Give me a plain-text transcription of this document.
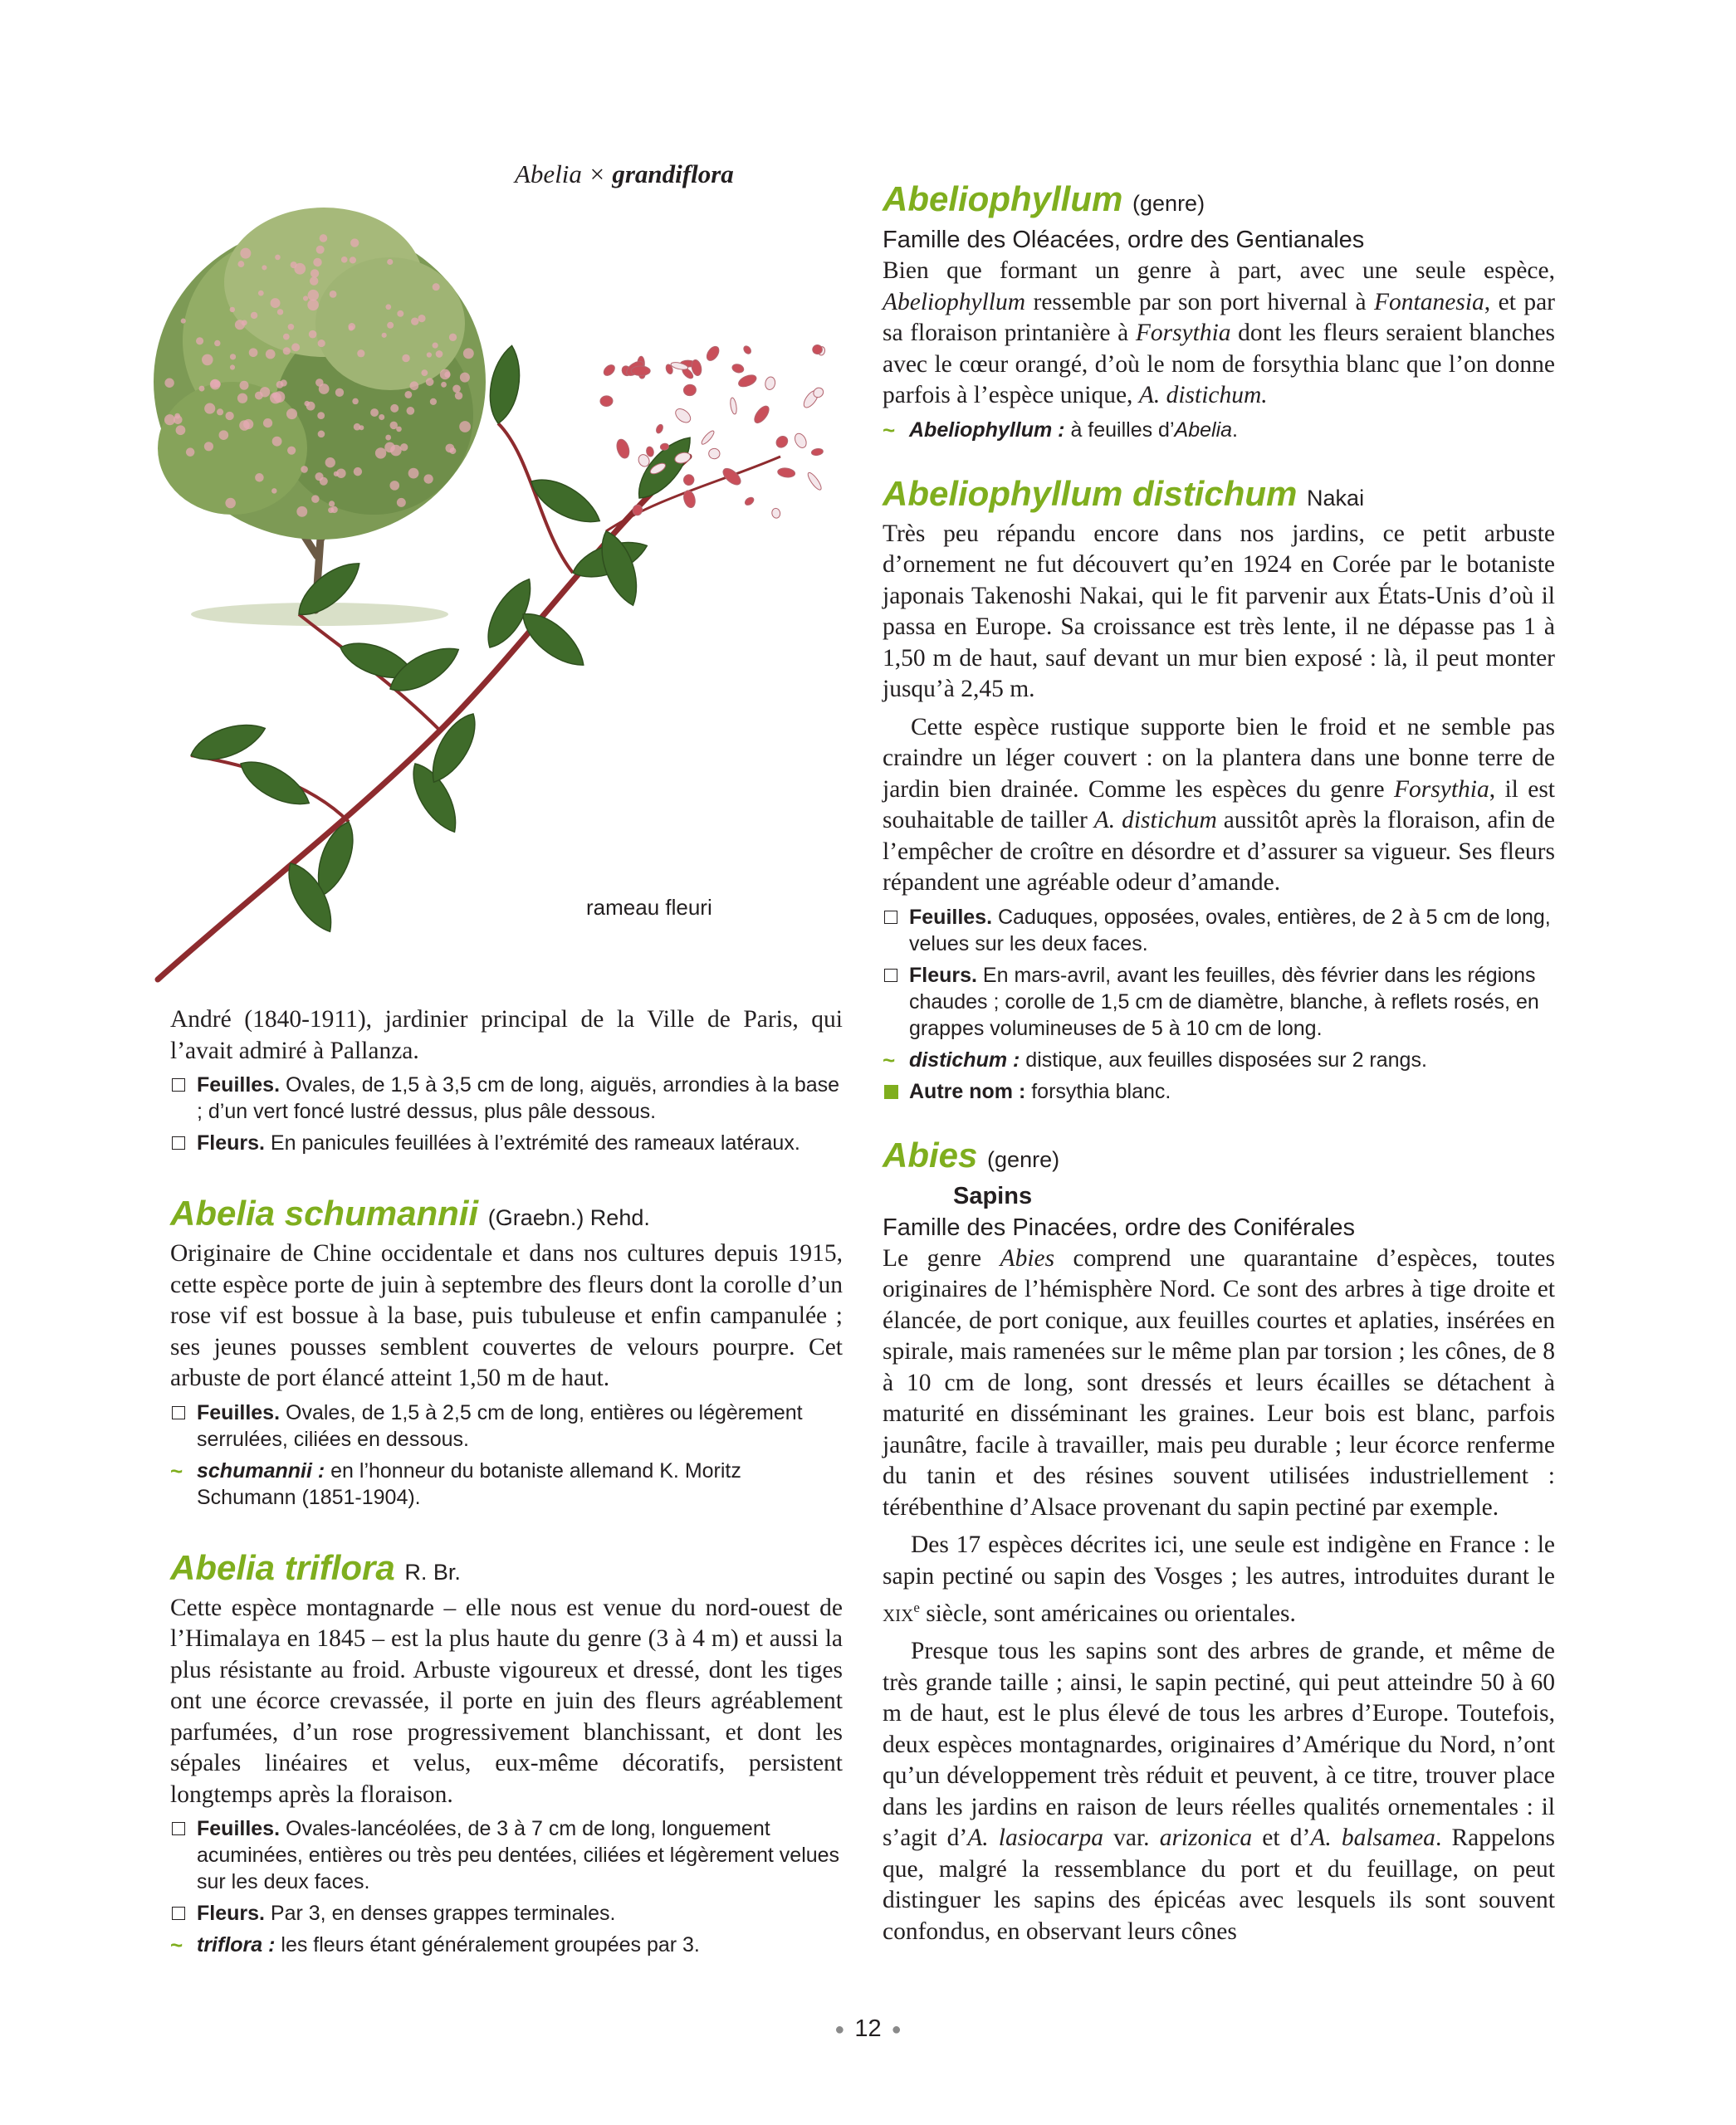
Abelia × grandiflora
rameau fleuri

André (1840-1911), jardinier principal de la Ville de Paris, qui l’avait admiré à Pallanza.

Feuilles. Ovales, de 1,5 à 3,5 cm de long, aiguës, arrondies à la base ; d’un vert foncé lustré dessus, plus pâle dessous.
Fleurs. En panicules feuillées à l’extrémité des rameaux latéraux.
Abelia schumannii (Graebn.) Rehd.

Originaire de Chine occidentale et dans nos cultures depuis 1915, cette espèce porte de juin à septembre des fleurs dont la corolle d’un rose vif est bossue à la base, puis tubuleuse et enfin campanulée ; ses jeunes pousses semblent couvertes de velours pourpre. Cet arbuste de port élancé atteint 1,50 m de haut.

Feuilles. Ovales, de 1,5 à 2,5 cm de long, entières ou légèrement serrulées, ciliées en dessous.
~ schumannii : en l’honneur du botaniste allemand K. Moritz Schumann (1851-1904).
Abelia triflora R. Br.

Cette espèce montagnarde – elle nous est venue du nord-ouest de l’Himalaya en 1845 – est la plus haute du genre (3 à 4 m) et aussi la plus résistante au froid. Arbuste vigoureux et dressé, dont les tiges ont une écorce crevassée, il porte en juin des fleurs agréablement parfumées, d’un rose progressivement blanchissant, et dont les sépales linéaires et velus, eux-même décoratifs, persistent longtemps après la floraison.

Feuilles. Ovales-lancéolées, de 3 à 7 cm de long, longuement acuminées, entières ou très peu dentées, ciliées et légèrement velues sur les deux faces.
Fleurs. Par 3, en denses grappes terminales.
~ triflora : les fleurs étant généralement groupées par 3.
Abeliophyllum (genre)

Famille des Oléacées, ordre des Gentianales

Bien que formant un genre à part, avec une seule espèce, Abeliophyllum ressemble par son port hivernal à Fontanesia, et par sa floraison printanière à Forsythia dont les fleurs seraient blanches avec le cœur orangé, d’où le nom de forsythia blanc que l’on donne parfois à l’espèce unique, A. distichum.

~ Abeliophyllum : à feuilles d’Abelia.
Abeliophyllum distichum Nakai

Très peu répandu encore dans nos jardins, ce petit arbuste d’ornement ne fut découvert qu’en 1924 en Corée par le botaniste japonais Takenoshi Nakai, qui le fit parvenir aux États-Unis d’où il passa en Europe. Sa croissance est très lente, il ne dépasse pas 1 à 1,50 m de haut, sauf devant un mur bien exposé : là, il peut monter jusqu’à 2,45 m.

Cette espèce rustique supporte bien le froid et ne semble pas craindre un léger couvert : on la plantera dans une bonne terre de jardin bien drainée. Comme les espèces du genre Forsythia, il est souhaitable de tailler A. distichum aussitôt après la floraison, afin de l’empêcher de croître en désordre et d’assurer sa vigueur. Ses fleurs répandent une agréable odeur d’amande.

Feuilles. Caduques, opposées, ovales, entières, de 2 à 5 cm de long, velues sur les deux faces.
Fleurs. En mars-avril, avant les feuilles, dès février dans les régions chaudes ; corolle de 1,5 cm de diamètre, blanche, à reflets rosés, en grappes volumineuses de 5 à 10 cm de long.
~ distichum : distique, aux feuilles disposées sur 2 rangs.
Autre nom : forsythia blanc.
Abies (genre)

Sapins

Famille des Pinacées, ordre des Coniférales

Le genre Abies comprend une quarantaine d’espèces, toutes originaires de l’hémisphère Nord. Ce sont des arbres à tige droite et élancée, de port conique, aux feuilles courtes et aplaties, insérées en spirale, mais ramenées sur le même plan par torsion ; les cônes, de 8 à 10 cm de long, sont dressés et leurs écailles se détachent à maturité en disséminant les graines. Leur bois est blanc, parfois jaunâtre, facile à travailler, mais peu durable ; leur écorce renferme du tanin et des résines souvent utilisées industriellement : térébenthine d’Alsace provenant du sapin pectiné par exemple.

Des 17 espèces décrites ici, une seule est indigène en France : le sapin pectiné ou sapin des Vosges ; les autres, introduites durant le xix$^e$ siècle, sont américaines ou orientales.

Presque tous les sapins sont des arbres de grande, et même de très grande taille ; ainsi, le sapin pectiné, qui peut atteindre 50 à 60 m de haut, est le plus élevé de tous les arbres d’Europe. Toutefois, deux espèces montagnardes, originaires d’Amérique du Nord, n’ont qu’un développement très réduit et peuvent, à ce titre, trouver place dans les jardins en raison de leurs réelles qualités ornementales : il s’agit d’A. lasiocarpa var. arizonica et d’A. balsamea. Rappelons que, malgré la ressemblance du port et du feuillage, on peut distinguer les sapins des épicéas avec lesquels ils sont souvent confondus, en observant leurs cônes

● 12 ●
